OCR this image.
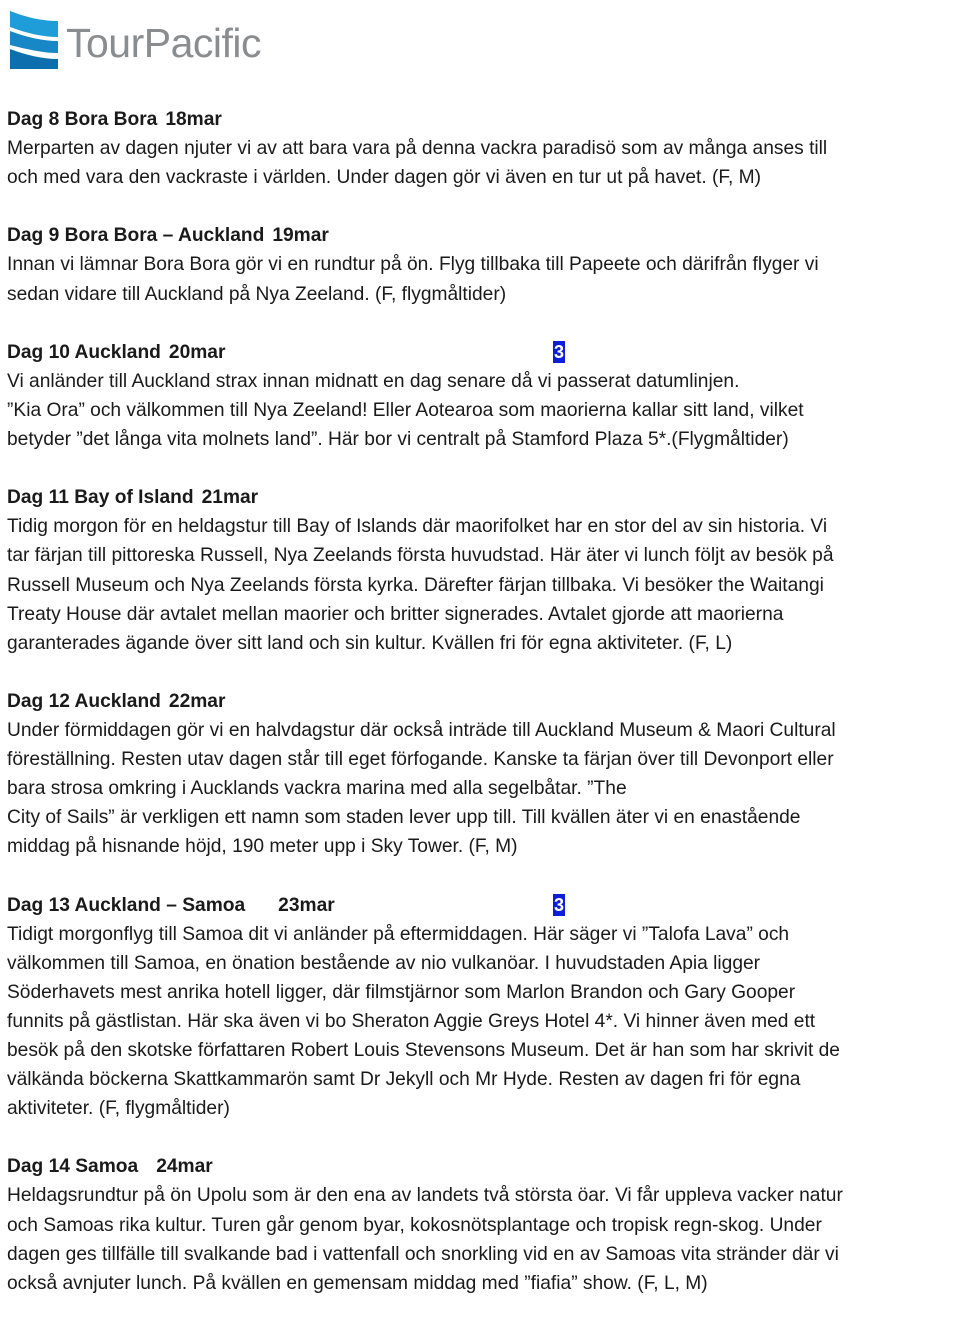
TourPacific
Dag 8 Bora Bora 18mar
Merparten av dagen njuter vi av att bara vara på denna vackra paradisö som av många anses till
och med vara den vackraste i världen. Under dagen gör vi även en tur ut på havet. (F, M)
Dag 9 Bora Bora – Auckland 19mar
Innan vi lämnar Bora Bora gör vi en rundtur på ön. Flyg tillbaka till Papeete och därifrån flyger vi
sedan vidare till Auckland på Nya Zeeland. (F, flygmåltider)
Dag 10 Auckland 20mar	3
Vi anländer till Auckland strax innan midnatt en dag senare då vi passerat datumlinjen.
”Kia Ora” och välkommen till Nya Zeeland! Eller Aotearoa som maorierna kallar sitt land, vilket
betyder ”det långa vita molnets land”. Här bor vi centralt på Stamford Plaza 5*.(Flygmåltider)
Dag 11 Bay of Island 21mar
Tidig morgon för en heldagstur till Bay of Islands där maorifolket har en stor del av sin historia. Vi
tar färjan till pittoreska Russell, Nya Zeelands första huvudstad. Här äter vi lunch följt av besök på
Russell Museum och Nya Zeelands första kyrka. Därefter färjan tillbaka. Vi besöker the Waitangi
Treaty House där avtalet mellan maorier och britter signerades. Avtalet gjorde att maorierna
garanterades ägande över sitt land och sin kultur. Kvällen fri för egna aktiviteter. (F, L)
Dag 12 Auckland 22mar
Under förmiddagen gör vi en halvdagstur där också inträde till Auckland Museum & Maori Cultural
föreställning. Resten utav dagen står till eget förfogande. Kanske ta färjan över till Devonport eller
bara strosa omkring i Aucklands vackra marina med alla segelbåtar. ”The
City of Sails” är verkligen ett namn som staden lever upp till. Till kvällen äter vi en enastående
middag på hisnande höjd, 190 meter upp i Sky Tower. (F, M)
Dag 13 Auckland – Samoa 23mar	3
Tidigt morgonflyg till Samoa dit vi anländer på eftermiddagen. Här säger vi ”Talofa Lava” och
välkommen till Samoa, en önation bestående av nio vulkanöar. I huvudstaden Apia ligger
Söderhavets mest anrika hotell ligger, där filmstjärnor som Marlon Brandon och Gary Gooper
funnits på gästlistan. Här ska även vi bo Sheraton Aggie Greys Hotel 4*. Vi hinner även med ett
besök på den skotske författaren Robert Louis Stevensons Museum. Det är han som har skrivit de
välkända böckerna Skattkammarön samt Dr Jekyll och Mr Hyde. Resten av dagen fri för egna
aktiviteter. (F, flygmåltider)
Dag 14 Samoa 24mar
Heldagsrundtur på ön Upolu som är den ena av landets två största öar. Vi får uppleva vacker natur
och Samoas rika kultur. Turen går genom byar, kokosnötsplantage och tropisk regn-skog. Under
dagen ges tillfälle till svalkande bad i vattenfall och snorkling vid en av Samoas vita stränder där vi
också avnjuter lunch. På kvällen en gemensam middag med ”fiafia” show. (F, L, M)
